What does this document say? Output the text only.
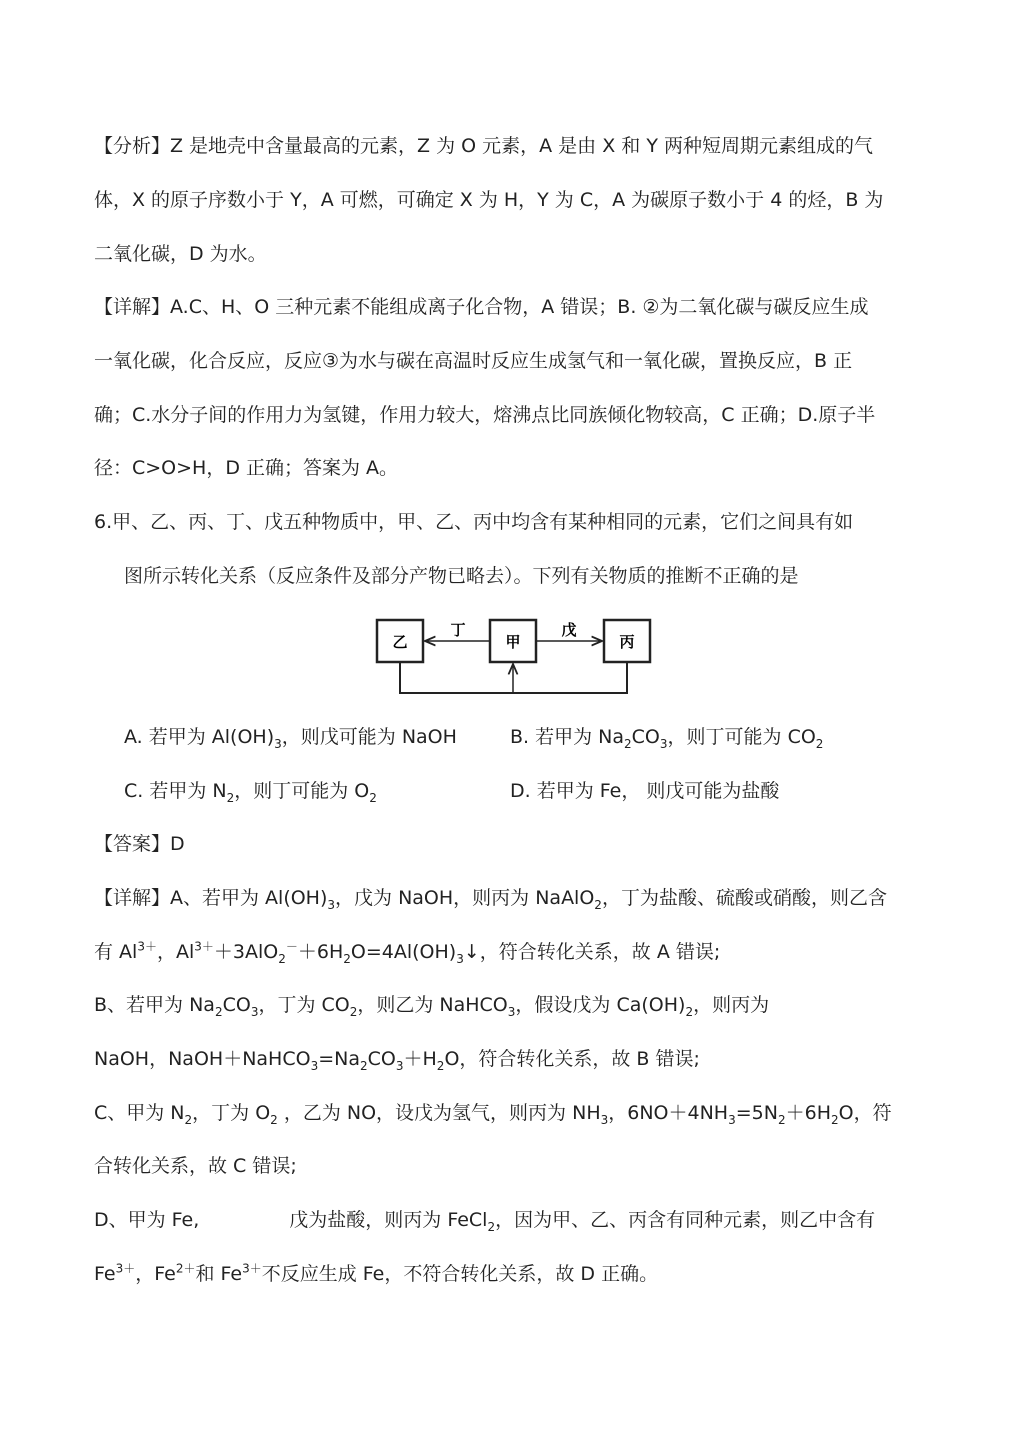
【分析】Z 是地壳中含量最高的元素，Z 为 O 元素，A 是由 X 和 Y 两种短周期元素组成的气
体，X 的原子序数小于 Y，A 可燃，可确定 X 为 H，Y 为 C，A 为碳原子数小于 4 的烃，B 为
二氧化碳，D 为水。
【详解】A.C、H、O 三种元素不能组成离子化合物，A 错误；B. ②为二氧化碳与碳反应生成
一氧化碳，化合反应，反应③为水与碳在高温时反应生成氢气和一氧化碳，置换反应，B 正
确；C.水分子间的作用力为氢键，作用力较大，熔沸点比同族倾化物较高，C 正确；D.原子半
径：C>O>H，D 正确；答案为 A。
6.甲、乙、丙、丁、戊五种物质中，甲、乙、丙中均含有某种相同的元素，它们之间具有如
图所示转化关系（反应条件及部分产物已略去）。下列有关物质的推断不正确的是
乙	甲	丙
丁	戊
A. 若甲为 $Al(OH)_3$，则戊可能为 NaOH	B. 若甲为 $Na_2CO_3$，则丁可能为 $CO_2$
C. 若甲为 $N_2$，则丁可能为 $O_2$	D. 若甲为 Fe， 则戊可能为盐酸
【答案】D
【详解】A、若甲为 $Al(OH)_3$，戊为 NaOH，则丙为 NaAlO$_2$，丁为盐酸、硫酸或硝酸，则乙含
有 $Al^{3+}$，$Al^{3+}+3AlO_2^-+6H_2O=4Al(OH)_3↓$，符合转化关系，故 A 错误;
B、若甲为 $Na_2CO_3$，丁为 $CO_2$，则乙为 NaHCO$_3$，假设戊为 $Ca(OH)_2$，则丙为
NaOH，$NaOH+NaHCO_3=Na_2CO_3+H_2O$，符合转化关系，故 B 错误;
C、甲为 $N_2$，丁为 $O_2$ ，乙为 NO，设戊为氢气，则丙为 $NH_3$，$6NO+4NH_3=5N_2+6H_2O$，符
合转化关系，故 C 错误;
D、甲为 Fe,	戊为盐酸，则丙为 FeCl$_2$，因为甲、乙、丙含有同种元素，则乙中含有
$Fe^{3+}$，$Fe^{2+}$和 $Fe^{3+}$不反应生成 Fe，不符合转化关系，故 D 正确。
